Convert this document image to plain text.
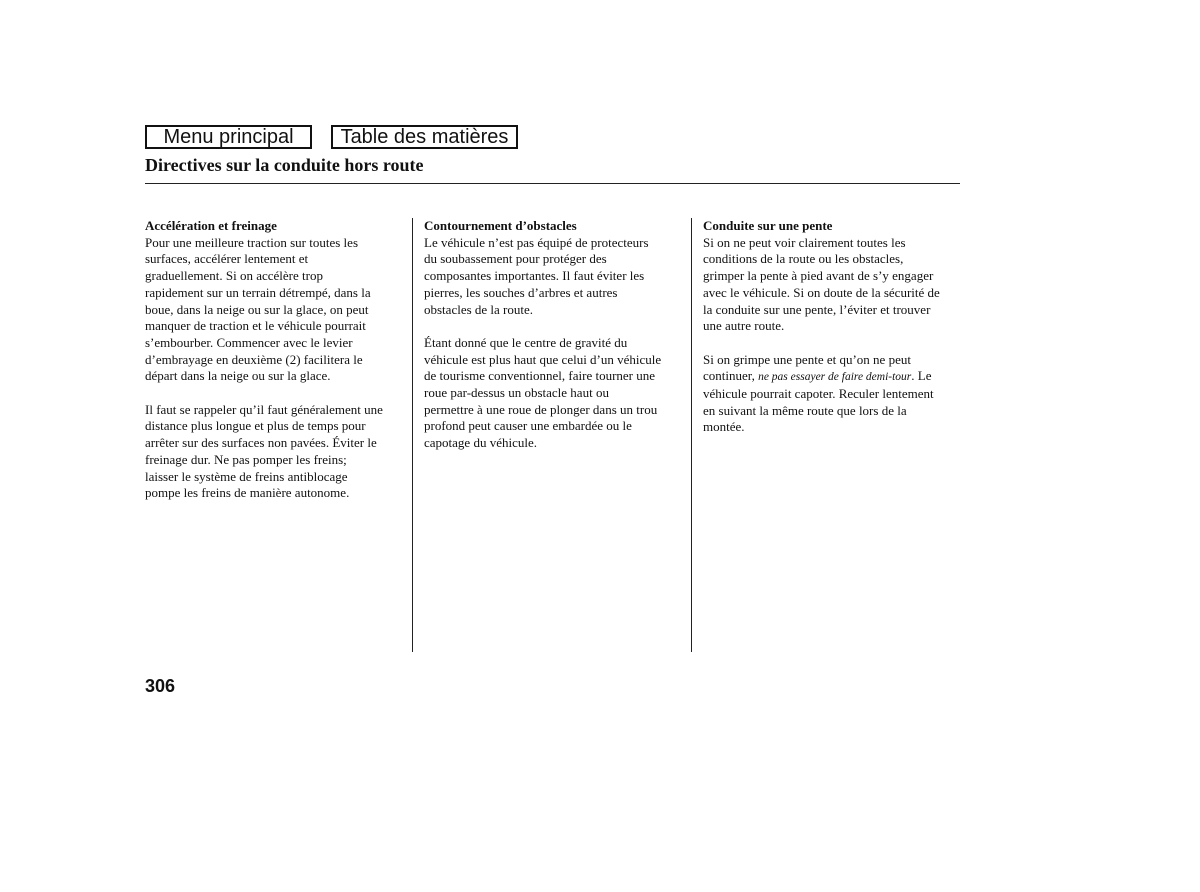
Menu principal	Table des matières
Directives sur la conduite hors route
Accélération et freinage

Pour une meilleure traction sur toutes les
surfaces, accélérer lentement et
graduellement. Si on accélère trop
rapidement sur un terrain détrempé, dans la
boue, dans la neige ou sur la glace, on peut
manquer de traction et le véhicule pourrait
s’embourber. Commencer avec le levier
d’embrayage en deuxième (2) facilitera le
départ dans la neige ou sur la glace.

Il faut se rappeler qu’il faut généralement une
distance plus longue et plus de temps pour
arrêter sur des surfaces non pavées. Éviter le
freinage dur. Ne pas pomper les freins;
laisser le système de freins antiblocage
pompe les freins de manière autonome.

Contournement d’obstacles

Le véhicule n’est pas équipé de protecteurs
du soubassement pour protéger des
composantes importantes. Il faut éviter les
pierres, les souches d’arbres et autres
obstacles de la route.

Étant donné que le centre de gravité du
véhicule est plus haut que celui d’un véhicule
de tourisme conventionnel, faire tourner une
roue par-dessus un obstacle haut ou
permettre à une roue de plonger dans un trou
profond peut causer une embardée ou le
capotage du véhicule.

Conduite sur une pente

Si on ne peut voir clairement toutes les
conditions de la route ou les obstacles,
grimper la pente à pied avant de s’y engager
avec le véhicule. Si on doute de la sécurité de
la conduite sur une pente, l’éviter et trouver
une autre route.

Si on grimpe une pente et qu’on ne peut
continuer, ne pas essayer de faire demi-tour. Le
véhicule pourrait capoter. Reculer lentement
en suivant la même route que lors de la
montée.

306
